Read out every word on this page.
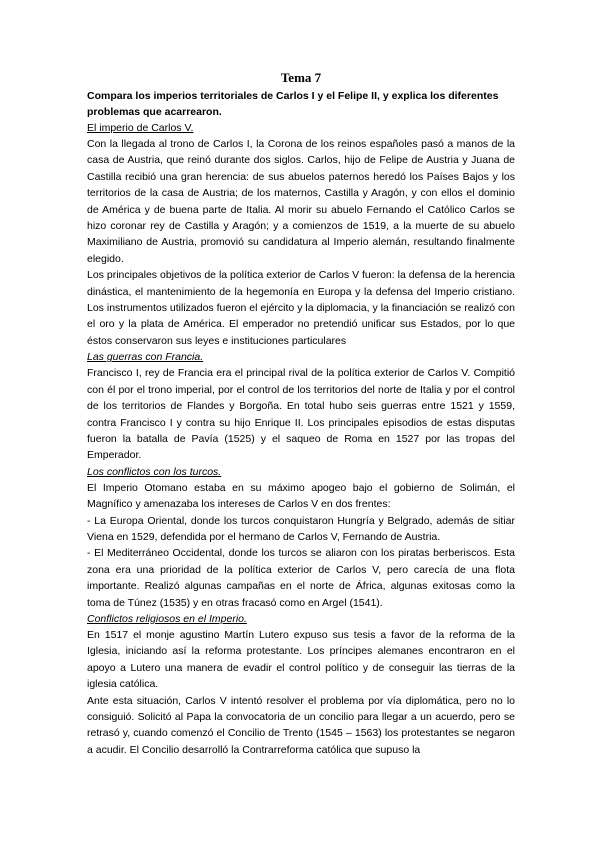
Tema 7

Compara los imperios territoriales de Carlos I y el Felipe II, y explica los diferentes problemas que acarrearon.

El imperio de Carlos V.

Con la llegada al trono de Carlos I, la Corona de los reinos españoles pasó a manos de la casa de Austria, que reinó durante dos siglos. Carlos, hijo de Felipe de Austria y Juana de Castilla recibió una gran herencia: de sus abuelos paternos heredó los Países Bajos y los territorios de la casa de Austria; de los maternos, Castilla y Aragón, y con ellos el dominio de América y de buena parte de Italia. Al morir su abuelo Fernando el Católico Carlos se hizo coronar rey de Castilla y Aragón; y a comienzos de 1519, a la muerte de su abuelo Maximiliano de Austria, promovió su candidatura al Imperio alemán, resultando finalmente elegido.

Los principales objetivos de la política exterior de Carlos V fueron: la defensa de la herencia dinástica, el mantenimiento de la hegemonía en Europa y la defensa del Imperio cristiano. Los instrumentos utilizados fueron el ejército y la diplomacia, y la financiación se realizó con el oro y la plata de América. El emperador no pretendió unificar sus Estados, por lo que éstos conservaron sus leyes e instituciones particulares

Las guerras con Francia.

Francisco I, rey de Francia era el principal rival de la política exterior de Carlos V. Compitió con él por el trono imperial, por el control de los territorios del norte de Italia y por el control de los territorios de Flandes y Borgoña. En total hubo seis guerras entre 1521 y 1559, contra Francisco I y contra su hijo Enrique II. Los principales episodios de estas disputas fueron la batalla de Pavía (1525) y el saqueo de Roma en 1527 por las tropas del Emperador.

Los conflictos con los turcos.

El Imperio Otomano estaba en su máximo apogeo bajo el gobierno de Solimán, el Magnífico y amenazaba los intereses de Carlos V en dos frentes:

- La Europa Oriental, donde los turcos conquistaron Hungría y Belgrado, además de sitiar Viena en 1529, defendida por el hermano de Carlos V, Fernando de Austria.

- El Mediterráneo Occidental, donde los turcos se aliaron con los piratas berberiscos. Esta zona era una prioridad de la política exterior de Carlos V, pero carecía de una flota importante. Realizó algunas campañas en el norte de África, algunas exitosas como la toma de Túnez (1535) y en otras fracasó como en Argel (1541).

Conflictos religiosos en el Imperio.

En 1517 el monje agustino Martín Lutero expuso sus tesis a favor de la reforma de la Iglesia, iniciando así la reforma protestante. Los príncipes alemanes encontraron en el apoyo a Lutero una manera de evadir el control político y de conseguir las tierras de la iglesia católica.

Ante esta situación, Carlos V intentó resolver el problema por vía diplomática, pero no lo consiguió. Solicitó al Papa la convocatoria de un concilio para llegar a un acuerdo, pero se retrasó y, cuando comenzó el Concilio de Trento (1545 – 1563) los protestantes se negaron a acudir. El Concilio desarrolló la Contrarreforma católica que supuso la
